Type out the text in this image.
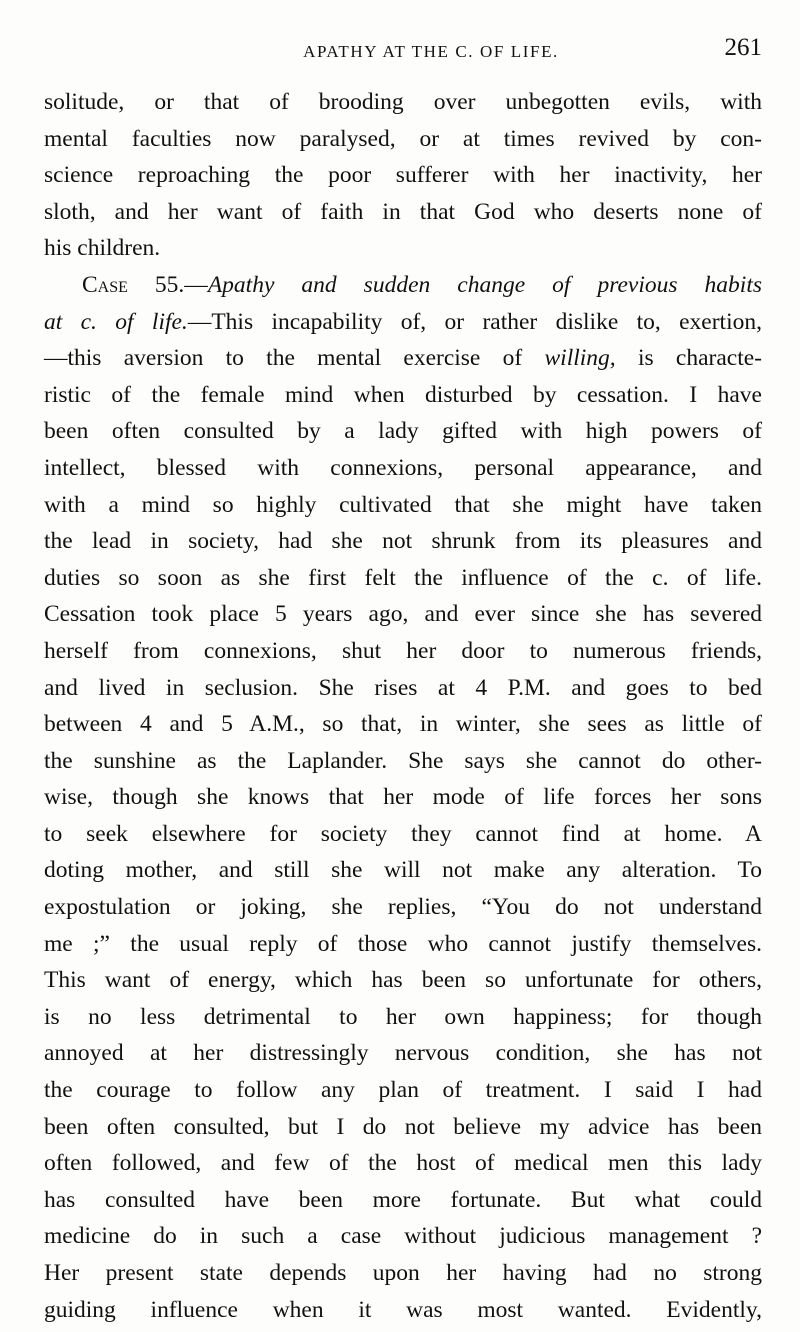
APATHY AT THE C. OF LIFE.	261
solitude, or that of brooding over unbegotten evils, with
mental faculties now paralysed, or at times revived by con-
science reproaching the poor sufferer with her inactivity, her
sloth, and her want of faith in that God who deserts none of
his children.
Case 55.—Apathy and sudden change of previous habits
at c. of life.—This incapability of, or rather dislike to, exertion,
—this aversion to the mental exercise of willing, is characte-
ristic of the female mind when disturbed by cessation. I have
been often consulted by a lady gifted with high powers of
intellect, blessed with connexions, personal appearance, and
with a mind so highly cultivated that she might have taken
the lead in society, had she not shrunk from its pleasures and
duties so soon as she first felt the influence of the c. of life.
Cessation took place 5 years ago, and ever since she has severed
herself from connexions, shut her door to numerous friends,
and lived in seclusion. She rises at 4 P.M. and goes to bed
between 4 and 5 A.M., so that, in winter, she sees as little of
the sunshine as the Laplander. She says she cannot do other-
wise, though she knows that her mode of life forces her sons
to seek elsewhere for society they cannot find at home. A
doting mother, and still she will not make any alteration. To
expostulation or joking, she replies, “You do not understand
me ;” the usual reply of those who cannot justify themselves.
This want of energy, which has been so unfortunate for others,
is no less detrimental to her own happiness; for though
annoyed at her distressingly nervous condition, she has not
the courage to follow any plan of treatment. I said I had
been often consulted, but I do not believe my advice has been
often followed, and few of the host of medical men this lady
has consulted have been more fortunate. But what could
medicine do in such a case without judicious management ?
Her present state depends upon her having had no strong
guiding influence when it was most wanted. Evidently,
